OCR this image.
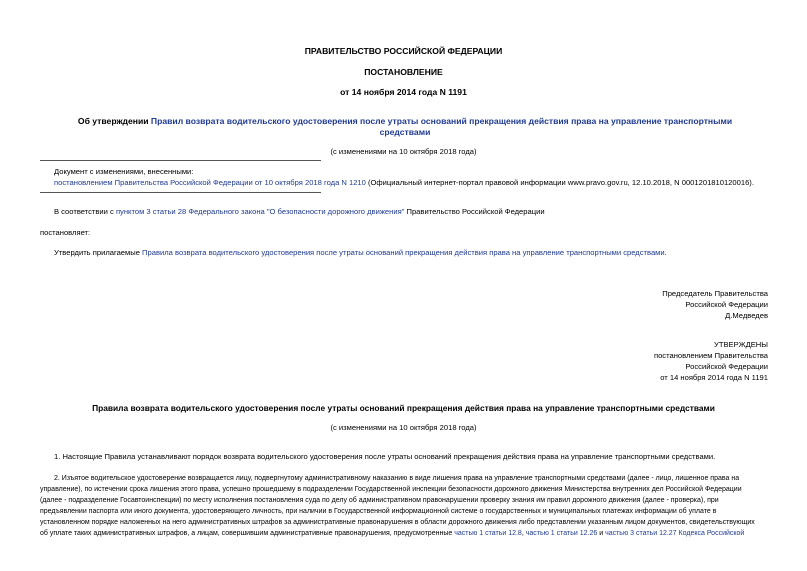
ПРАВИТЕЛЬСТВО РОССИЙСКОЙ ФЕДЕРАЦИИ
ПОСТАНОВЛЕНИЕ
от 14 ноября 2014 года N 1191
Об утверждении Правил возврата водительского удостоверения после утраты оснований прекращения действия права на управление транспортными средствами
(с изменениями на 10 октября 2018 года)
Документ с изменениями, внесенными:
постановлением Правительства Российской Федерации от 10 октября 2018 года N 1210 (Официальный интернет-портал правовой информации www.pravo.gov.ru, 12.10.2018, N 0001201810120016).
В соответствии с пунктом 3 статьи 28 Федерального закона "О безопасности дорожного движения" Правительство Российской Федерации
постановляет:
Утвердить прилагаемые Правила возврата водительского удостоверения после утраты оснований прекращения действия права на управление транспортными средствами.
Председатель Правительства
Российской Федерации
Д.Медведев
УТВЕРЖДЕНЫ
постановлением Правительства
Российской Федерации
от 14 ноября 2014 года N 1191
Правила возврата водительского удостоверения после утраты оснований прекращения действия права на управление транспортными средствами
(с изменениями на 10 октября 2018 года)
1. Настоящие Правила устанавливают порядок возврата водительского удостоверения после утраты оснований прекращения действия права на управление транспортными средствами.
2. Изъятое водительское удостоверение возвращается лицу, подвергнутому административному наказанию в виде лишения права на управление транспортными средствами (далее - лицо, лишенное права на
управление), по истечении срока лишения этого права, успешно прошедшему в подразделении Государственной инспекции безопасности дорожного движения Министерства внутренних дел Российской Федерации
(далее - подразделение Госавтоинспекции) по месту исполнения постановления суда по делу об административном правонарушении проверку знания им правил дорожного движения (далее - проверка), при
предъявлении паспорта или иного документа, удостоверяющего личность, при наличии в Государственной информационной системе о государственных и муниципальных платежах информации об уплате в
установленном порядке наложенных на него административных штрафов за административные правонарушения в области дорожного движения либо представлении указанным лицом документов, свидетельствующих
об уплате таких административных штрафов, а лицам, совершившим административные правонарушения, предусмотренные частью 1 статьи 12.8, частью 1 статьи 12.26 и частью 3 статьи 12.27 Кодекса Российской
